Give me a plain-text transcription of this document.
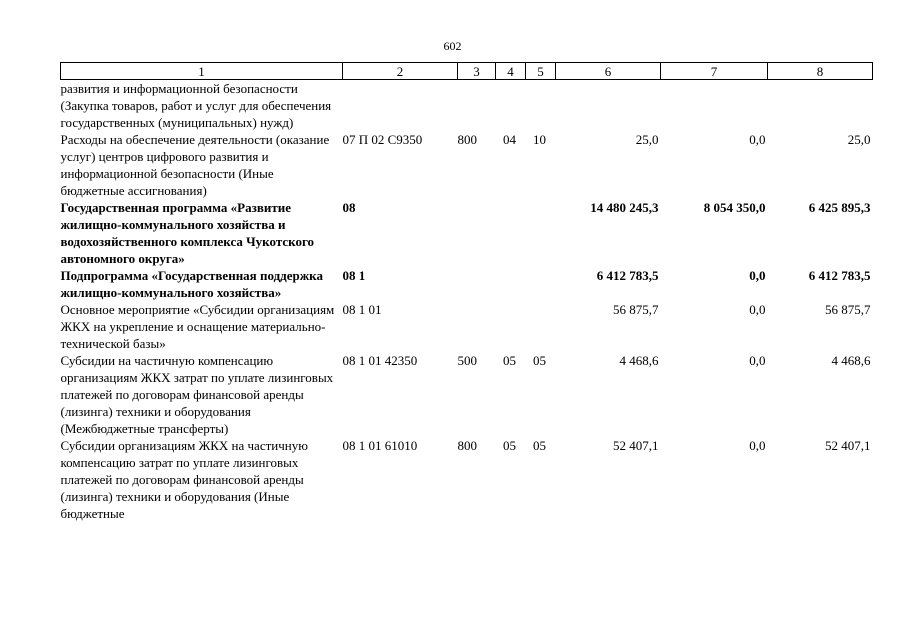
602
1	2	3	4	5	6	7	8
развития и информационной безопасности (Закупка товаров, работ и услуг для обеспечения государственных (муниципальных) нужд)							
Расходы на обеспечение деятельности (оказание услуг) центров цифрового развития и информационной безопасности (Иные бюджетные ассигнования)	07 П 02 С9350	800	04	10	25,0	0,0	25,0
Государственная программа «Развитие жилищно-коммунального хозяйства и водохозяйственного комплекса Чукотского автономного округа»	08				14 480 245,3	8 054 350,0	6 425 895,3
Подпрограмма «Государственная поддержка жилищно-коммунального хозяйства»	08 1				6 412 783,5	0,0	6 412 783,5
Основное мероприятие «Субсидии организациям ЖКХ на укрепление и оснащение материально-технической базы»	08 1 01				56 875,7	0,0	56 875,7
Субсидии на частичную компенсацию организациям ЖКХ затрат по уплате лизинговых платежей по договорам финансовой аренды (лизинга) техники и оборудования (Межбюджетные трансферты)	08 1 01 42350	500	05	05	4 468,6	0,0	4 468,6
Субсидии организациям ЖКХ на частичную компенсацию затрат по уплате лизинговых платежей по договорам финансовой аренды (лизинга) техники и оборудования (Иные бюджетные	08 1 01 61010	800	05	05	52 407,1	0,0	52 407,1
